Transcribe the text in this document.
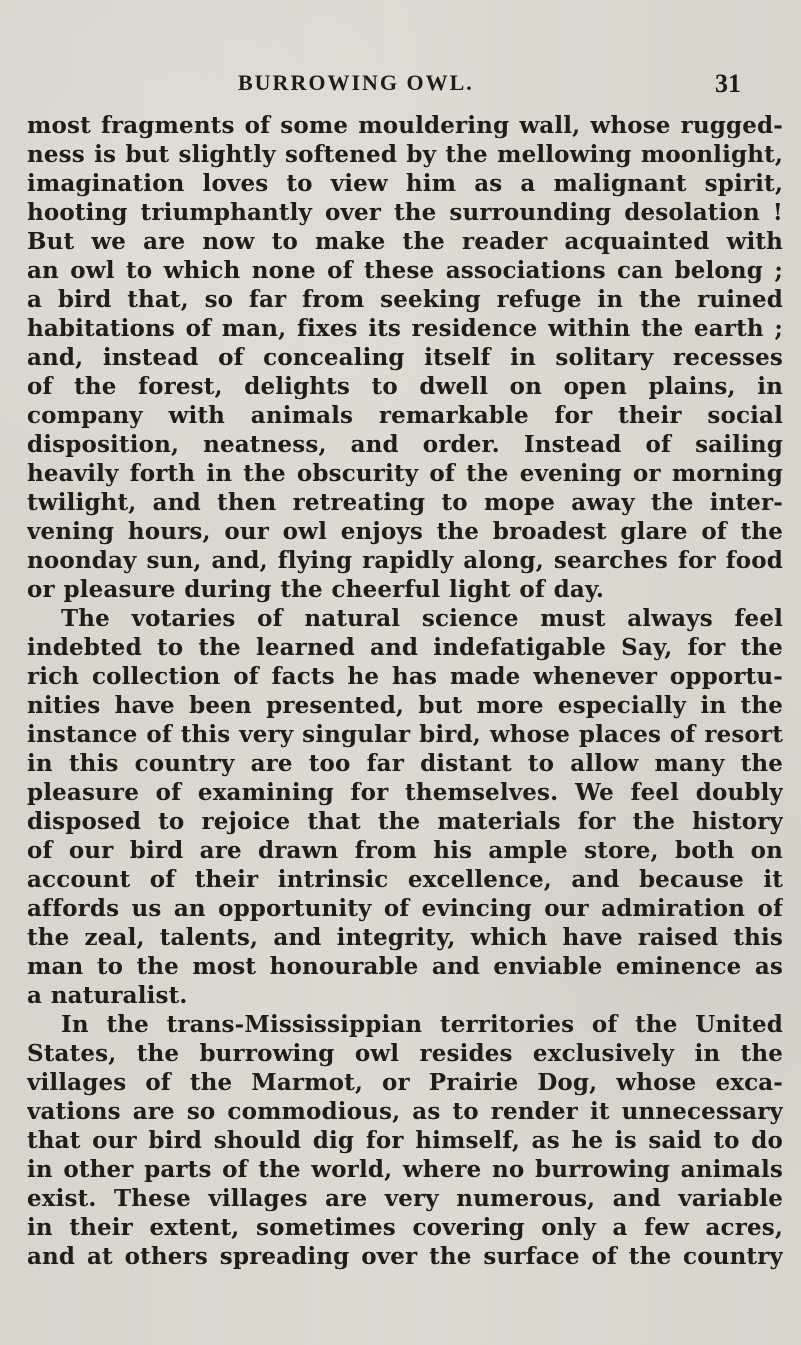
BURROWING OWL.	31
most fragments of some mouldering wall, whose rugged-
ness is but slightly softened by the mellowing moonlight,
imagination loves to view him as a malignant spirit,
hooting triumphantly over the surrounding desolation !
But we are now to make the reader acquainted with
an owl to which none of these associations can belong ;
a bird that, so far from seeking refuge in the ruined
habitations of man, fixes its residence within the earth ;
and, instead of concealing itself in solitary recesses
of the forest, delights to dwell on open plains, in
company with animals remarkable for their social
disposition, neatness, and order. Instead of sailing
heavily forth in the obscurity of the evening or morning
twilight, and then retreating to mope away the inter-
vening hours, our owl enjoys the broadest glare of the
noonday sun, and, flying rapidly along, searches for food
or pleasure during the cheerful light of day.
The votaries of natural science must always feel
indebted to the learned and indefatigable Say, for the
rich collection of facts he has made whenever opportu-
nities have been presented, but more especially in the
instance of this very singular bird, whose places of resort
in this country are too far distant to allow many the
pleasure of examining for themselves. We feel doubly
disposed to rejoice that the materials for the history
of our bird are drawn from his ample store, both on
account of their intrinsic excellence, and because it
affords us an opportunity of evincing our admiration of
the zeal, talents, and integrity, which have raised this
man to the most honourable and enviable eminence as
a naturalist.
In the trans-Mississippian territories of the United
States, the burrowing owl resides exclusively in the
villages of the Marmot, or Prairie Dog, whose exca-
vations are so commodious, as to render it unnecessary
that our bird should dig for himself, as he is said to do
in other parts of the world, where no burrowing animals
exist. These villages are very numerous, and variable
in their extent, sometimes covering only a few acres,
and at others spreading over the surface of the country
